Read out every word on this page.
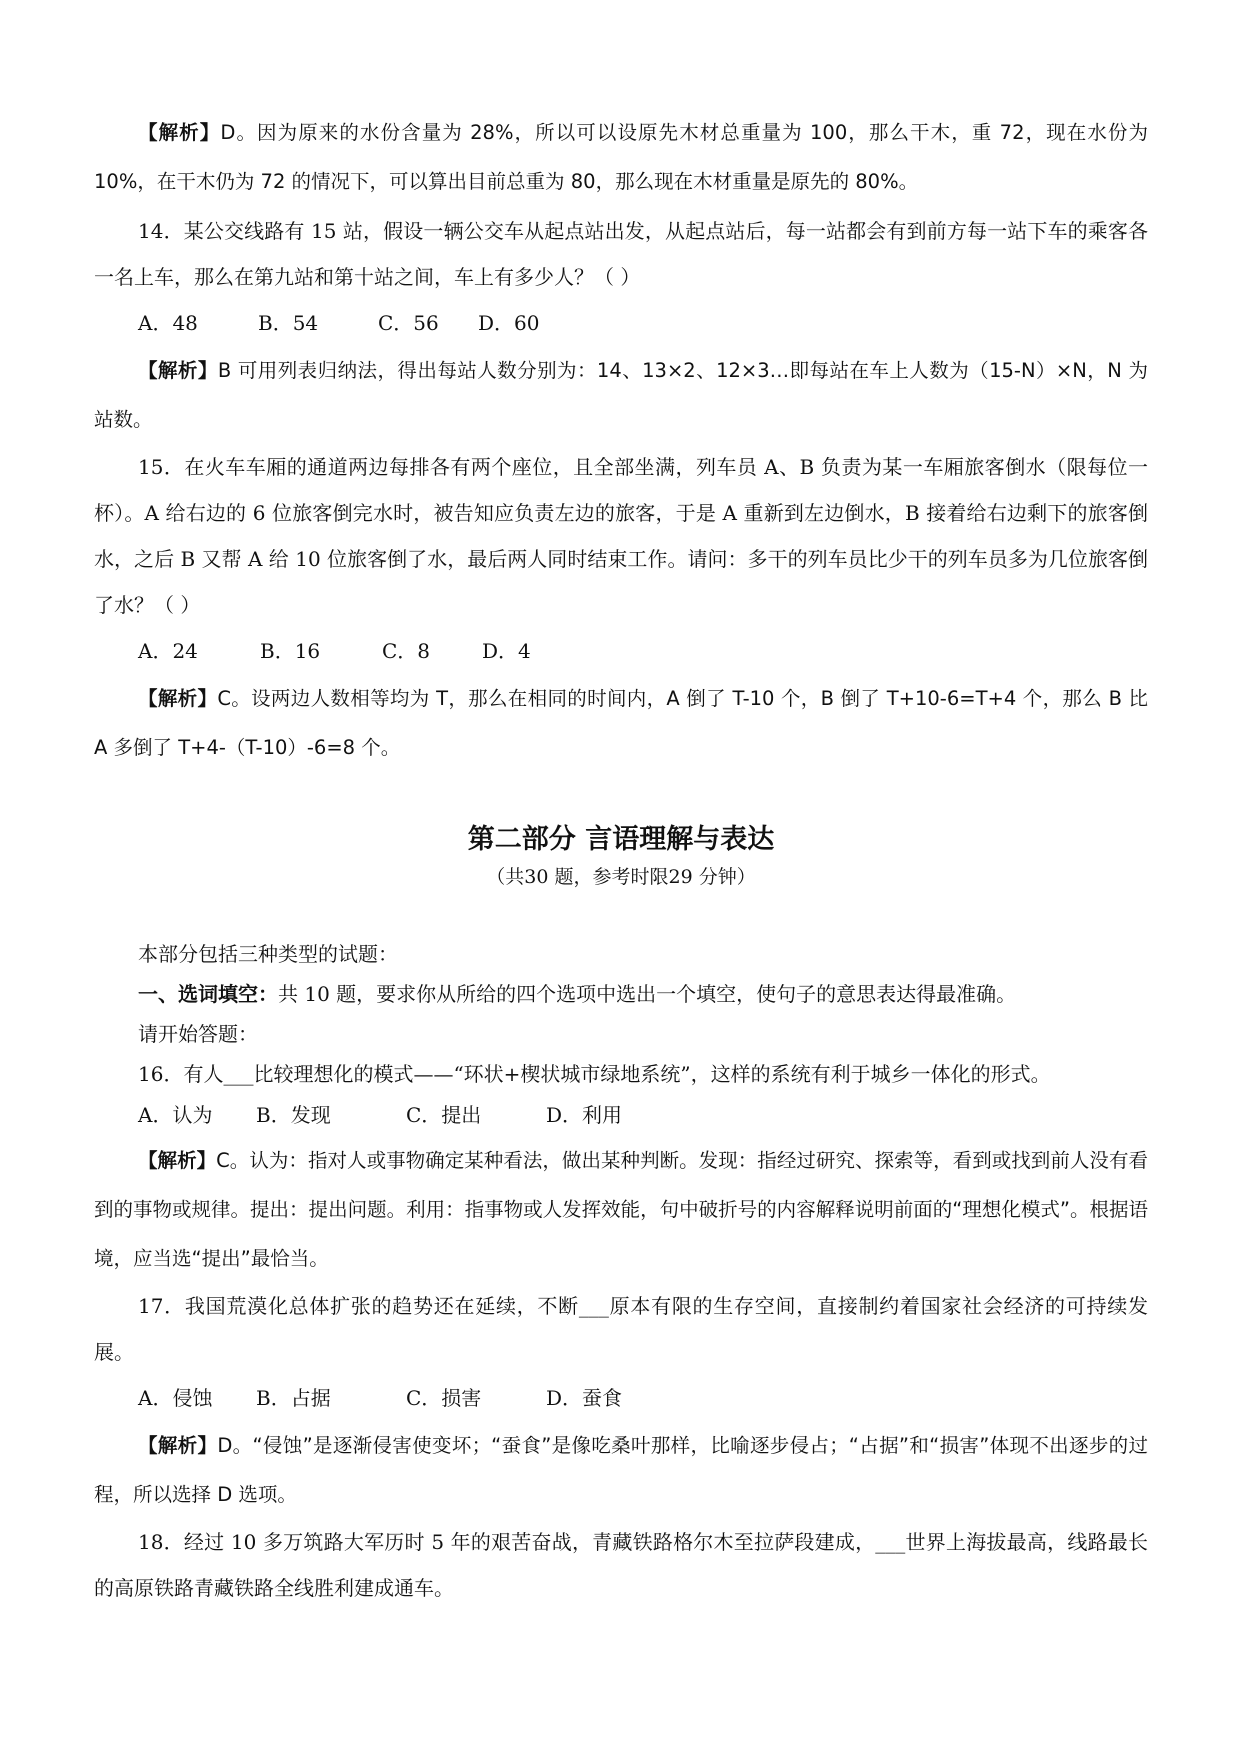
【解析】D。因为原来的水份含量为 28%，所以可以设原先木材总重量为 100，那么干木，重 72，现在水份为 10%，在干木仍为 72 的情况下，可以算出目前总重为 80，那么现在木材重量是原先的 80%。

14．某公交线路有 15 站，假设一辆公交车从起点站出发，从起点站后，每一站都会有到前方每一站下车的乘客各一名上车，那么在第九站和第十站之间，车上有多少人？（ ）

A．48	B．54	C．56	D．60

【解析】B 可用列表归纳法，得出每站人数分别为：14、13×2、12×3…即每站在车上人数为（15-N）×N，N 为站数。

15．在火车车厢的通道两边每排各有两个座位，且全部坐满，列车员 A、B 负责为某一车厢旅客倒水（限每位一杯）。A 给右边的 6 位旅客倒完水时，被告知应负责左边的旅客，于是 A 重新到左边倒水，B 接着给右边剩下的旅客倒水，之后 B 又帮 A 给 10 位旅客倒了水，最后两人同时结束工作。请问：多干的列车员比少干的列车员多为几位旅客倒了水？（ ）

A．24	B．16	C．8	D．4

【解析】C。设两边人数相等均为 T，那么在相同的时间内，A 倒了 T-10 个，B 倒了 T+10-6=T+4 个，那么 B 比 A 多倒了 T+4-（T-10）-6=8 个。

第二部分 言语理解与表达

（共30 题，参考时限29 分钟）

本部分包括三种类型的试题：

一、选词填空：共 10 题，要求你从所给的四个选项中选出一个填空，使句子的意思表达得最准确。

请开始答题：

16．有人___比较理想化的模式——“环状+楔状城市绿地系统”，这样的系统有利于城乡一体化的形式。

A．认为	B．发现	C．提出	D．利用

【解析】C。认为：指对人或事物确定某种看法，做出某种判断。发现：指经过研究、探索等，看到或找到前人没有看到的事物或规律。提出：提出问题。利用：指事物或人发挥效能，句中破折号的内容解释说明前面的“理想化模式”。根据语境，应当选“提出”最恰当。

17．我国荒漠化总体扩张的趋势还在延续，不断___原本有限的生存空间，直接制约着国家社会经济的可持续发展。

A．侵蚀	B．占据	C．损害	D．蚕食

【解析】D。“侵蚀”是逐渐侵害使变坏；“蚕食”是像吃桑叶那样，比喻逐步侵占；“占据”和“损害”体现不出逐步的过程，所以选择 D 选项。

18．经过 10 多万筑路大军历时 5 年的艰苦奋战，青藏铁路格尔木至拉萨段建成，___世界上海拔最高，线路最长的高原铁路青藏铁路全线胜利建成通车。
